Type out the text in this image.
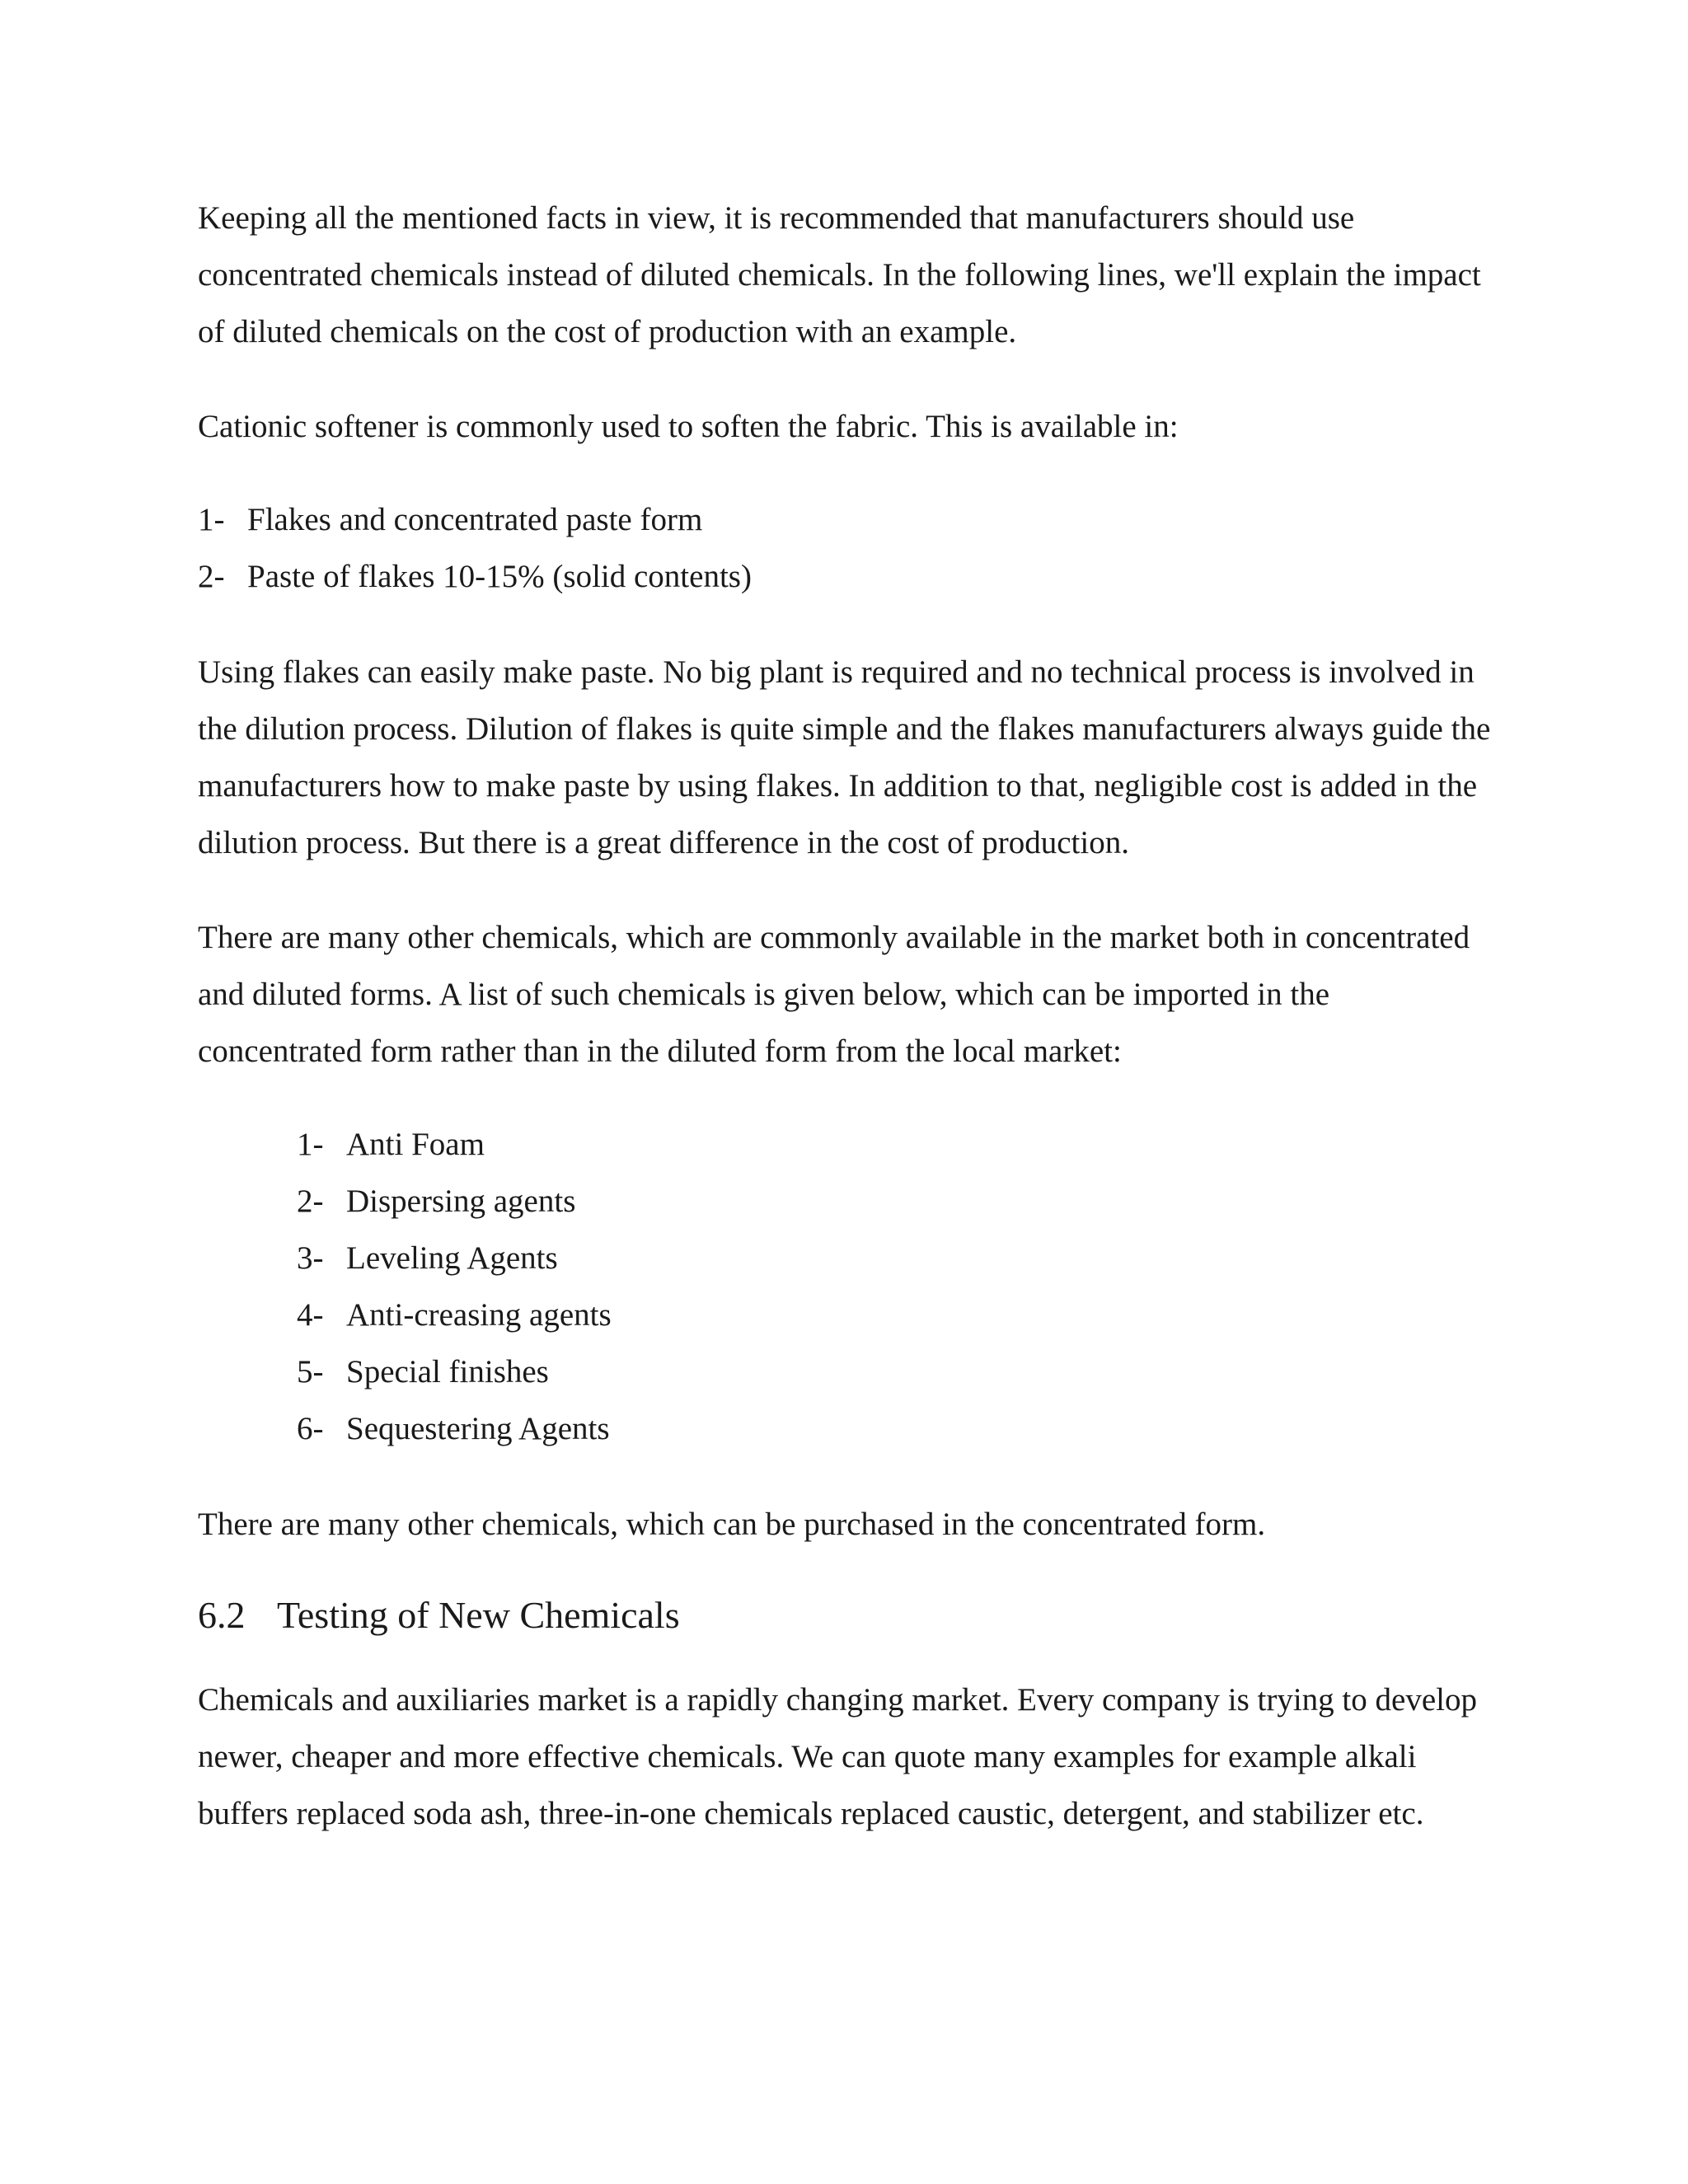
Keeping all the mentioned facts in view, it is recommended that manufacturers should use concentrated chemicals instead of diluted chemicals. In the following lines, we'll explain the impact of diluted chemicals on the cost of production with an example.

Cationic softener is commonly used to soften the fabric. This is available in:

1- Flakes and concentrated paste form
2- Paste of flakes 10-15% (solid contents)

Using flakes can easily make paste. No big plant is required and no technical process is involved in the dilution process. Dilution of flakes is quite simple and the flakes manufacturers always guide the manufacturers how to make paste by using flakes. In addition to that, negligible cost is added in the dilution process. But there is a great difference in the cost of production.

There are many other chemicals, which are commonly available in the market both in concentrated and diluted forms. A list of such chemicals is given below, which can be imported in the concentrated form rather than in the diluted form from the local market:

1- Anti Foam
2- Dispersing agents
3- Leveling Agents
4- Anti-creasing agents
5- Special finishes
6- Sequestering Agents

There are many other chemicals, which can be purchased in the concentrated form.

6.2 Testing of New Chemicals

Chemicals and auxiliaries market is a rapidly changing market. Every company is trying to develop newer, cheaper and more effective chemicals. We can quote many examples for example alkali buffers replaced soda ash, three-in-one chemicals replaced caustic, detergent, and stabilizer etc.
